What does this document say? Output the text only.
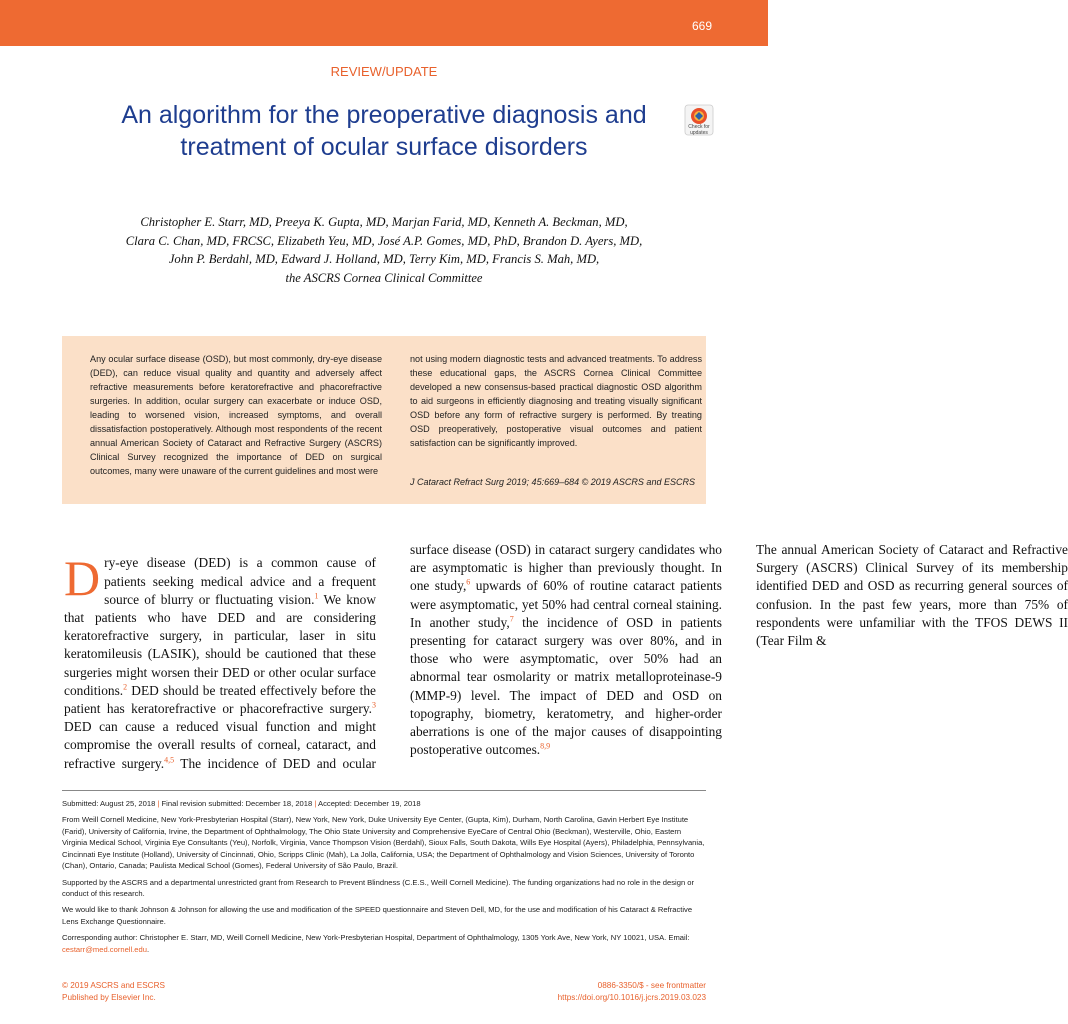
669
REVIEW/UPDATE
An algorithm for the preoperative diagnosis and treatment of ocular surface disorders
Check for updates
Christopher E. Starr, MD, Preeya K. Gupta, MD, Marjan Farid, MD, Kenneth A. Beckman, MD,
Clara C. Chan, MD, FRCSC, Elizabeth Yeu, MD, José A.P. Gomes, MD, PhD, Brandon D. Ayers, MD,
John P. Berdahl, MD, Edward J. Holland, MD, Terry Kim, MD, Francis S. Mah, MD,
the ASCRS Cornea Clinical Committee

Any ocular surface disease (OSD), but most commonly, dry-eye disease (DED), can reduce visual quality and quantity and adversely affect refractive measurements before keratorefractive and phacorefractive surgeries. In addition, ocular surgery can exacerbate or induce OSD, leading to worsened vision, increased symptoms, and overall dissatisfaction postoperatively. Although most respondents of the recent annual American Society of Cataract and Refractive Surgery (ASCRS) Clinical Survey recognized the importance of DED on surgical outcomes, many were unaware of the current guidelines and most were

not using modern diagnostic tests and advanced treatments. To address these educational gaps, the ASCRS Cornea Clinical Committee developed a new consensus-based practical diagnostic OSD algorithm to aid surgeons in efficiently diagnosing and treating visually significant OSD before any form of refractive surgery is performed. By treating OSD preoperatively, postoperative visual outcomes and patient satisfaction can be significantly improved.

J Cataract Refract Surg 2019; 45:669–684 © 2019 ASCRS and ESCRS

Submitted: August 25, 2018 | Final revision submitted: December 18, 2018 | Accepted: December 19, 2018

From Weill Cornell Medicine, New York-Presbyterian Hospital (Starr), New York, New York, Duke University Eye Center, (Gupta, Kim), Durham, North Carolina, Gavin Herbert Eye Institute (Farid), University of California, Irvine, the Department of Ophthalmology, The Ohio State University and Comprehensive EyeCare of Central Ohio (Beckman), Westerville, Ohio, Eastern Virginia Medical School, Virginia Eye Consultants (Yeu), Norfolk, Virginia, Vance Thompson Vision (Berdahl), Sioux Falls, South Dakota, Wills Eye Hospital (Ayers), Philadelphia, Pennsylvania, Cincinnati Eye Institute (Holland), University of Cincinnati, Ohio, Scripps Clinic (Mah), La Jolla, California, USA; the Department of Ophthalmology and Vision Sciences, University of Toronto (Chan), Ontario, Canada; Paulista Medical School (Gomes), Federal University of São Paulo, Brazil.

Supported by the ASCRS and a departmental unrestricted grant from Research to Prevent Blindness (C.E.S., Weill Cornell Medicine). The funding organizations had no role in the design or conduct of this research.

We would like to thank Johnson & Johnson for allowing the use and modification of the SPEED questionnaire and Steven Dell, MD, for the use and modification of his Cataract & Refractive Lens Exchange Questionnaire.

Corresponding author: Christopher E. Starr, MD, Weill Cornell Medicine, New York-Presbyterian Hospital, Department of Ophthalmology, 1305 York Ave, New York, NY 10021, USA. Email: cestarr@med.cornell.edu.

© 2019 ASCRS and ESCRS
Published by Elsevier Inc.
0886-3350/$ - see frontmatter
https://doi.org/10.1016/j.jcrs.2019.03.023

Dry-eye disease (DED) is a common cause of patients seeking medical advice and a frequent source of blurry or fluctuating vision.$^1$ We know that patients who have DED and are considering keratorefractive surgery, in particular, laser in situ keratomileusis (LASIK), should be cautioned that these surgeries might worsen their DED or other ocular surface conditions.$^2$ DED should be treated effectively before the patient has keratorefractive or phacorefractive surgery.$^3$ DED can cause a reduced visual function and might compromise the overall results of corneal, cataract, and refractive surgery.$^{4,5}$ The incidence of DED and ocular surface disease (OSD) in cataract surgery candidates who are asymptomatic is higher than previously thought. In one study,$^6$ upwards of 60% of routine cataract patients were asymptomatic, yet 50% had central corneal staining. In another study,$^7$ the incidence of OSD in patients presenting for cataract surgery was over 80%, and in those who were asymptomatic, over 50% had an abnormal tear osmolarity or matrix metalloproteinase-9 (MMP-9) level. The impact of DED and OSD on topography, biometry, keratometry, and higher-order aberrations is one of the major causes of disappointing postoperative outcomes.$^{8,9}$

The annual American Society of Cataract and Refractive Surgery (ASCRS) Clinical Survey of its membership identified DED and OSD as recurring general sources of confusion. In the past few years, more than 75% of respondents were unfamiliar with the TFOS DEWS II (Tear Film &
